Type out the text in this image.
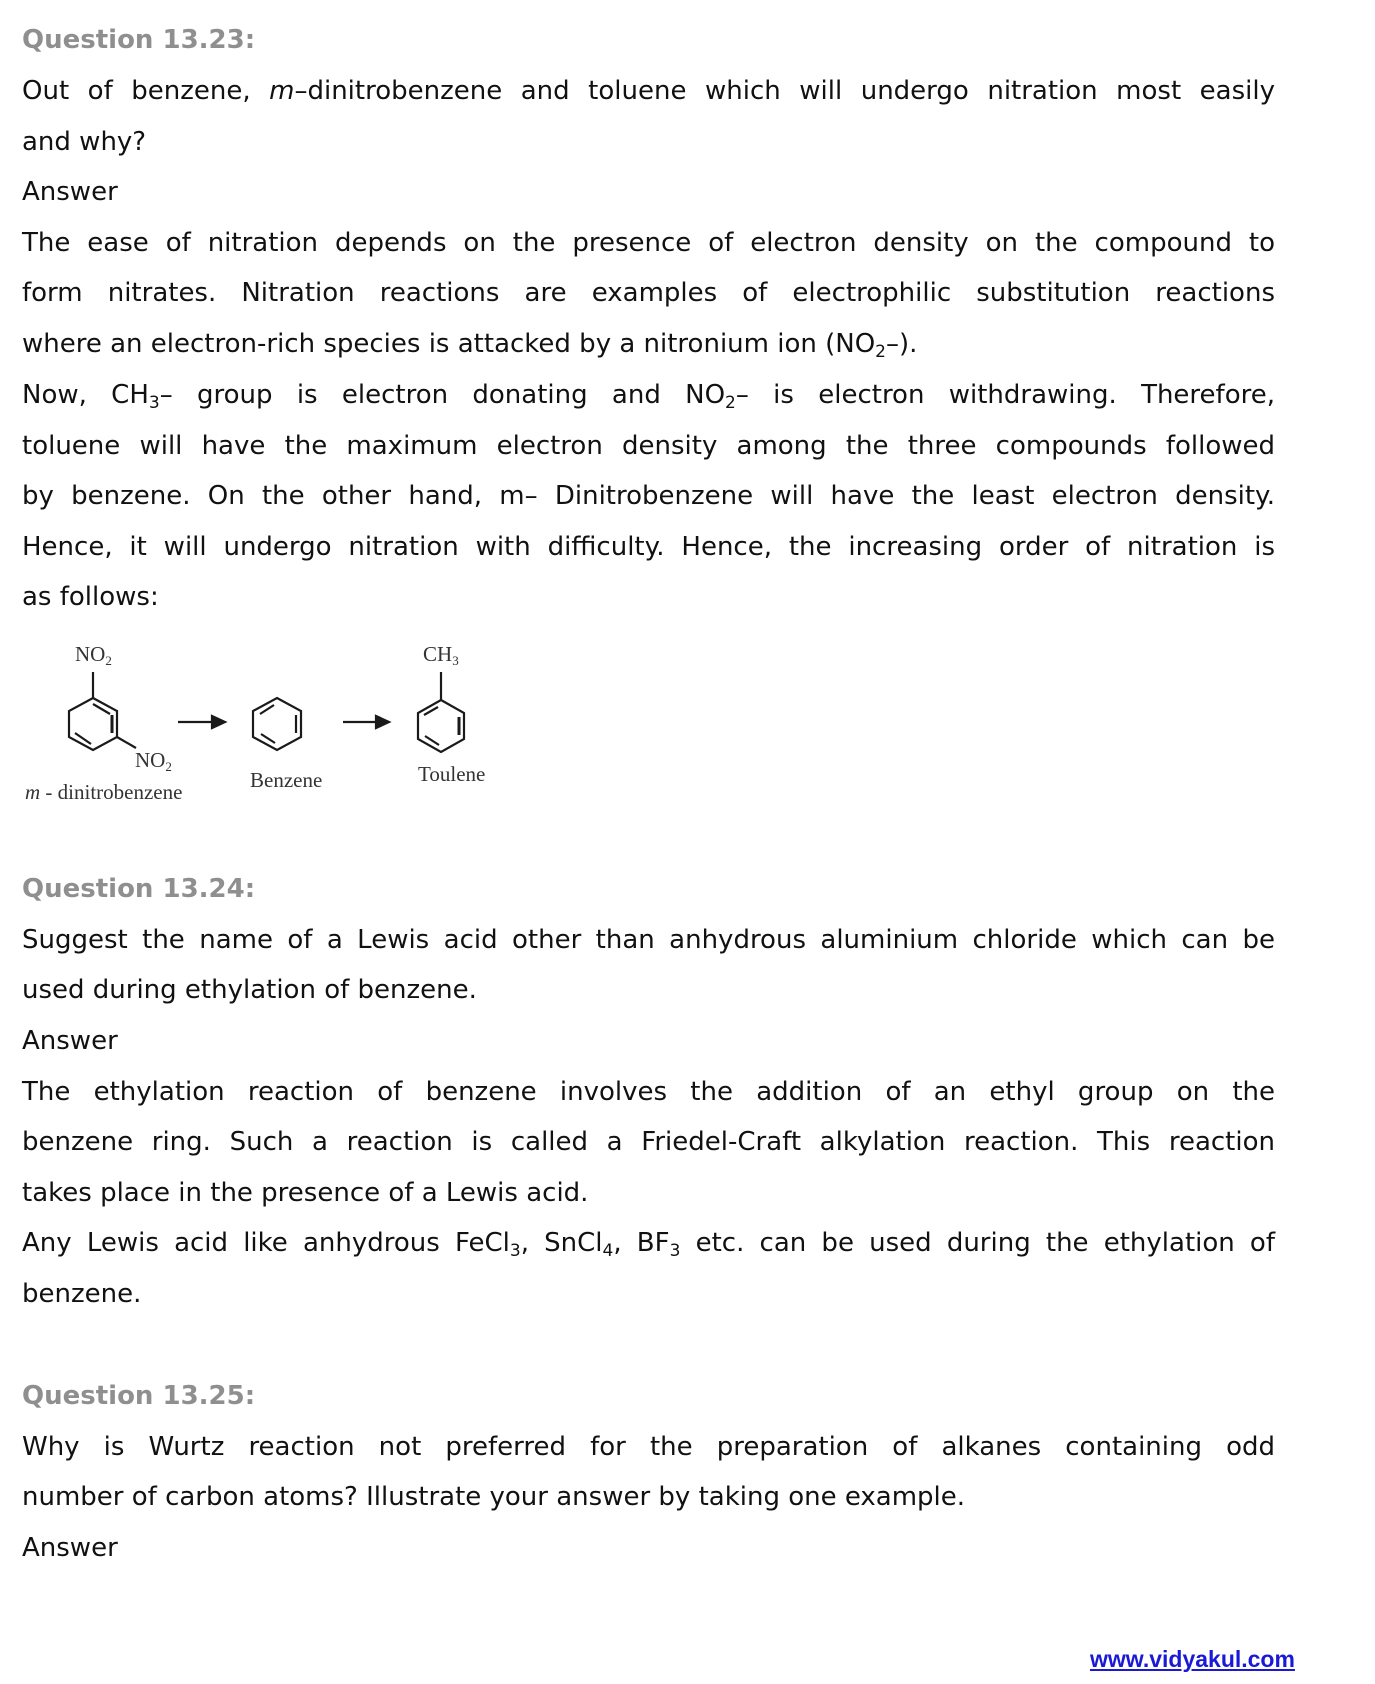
Question 13.23:
Out of benzene, m–dinitrobenzene and toluene which will undergo nitration most easily
and why?
Answer
The ease of nitration depends on the presence of electron density on the compound to
form nitrates. Nitration reactions are examples of electrophilic substitution reactions
where an electron-rich species is attacked by a nitronium ion $(NO_2-)$.
Now, $CH_3-$ group is electron donating and $NO_2-$ is electron withdrawing. Therefore,
toluene will have the maximum electron density among the three compounds followed
by benzene. On the other hand, m– Dinitrobenzene will have the least electron density.
Hence, it will undergo nitration with difficulty. Hence, the increasing order of nitration is
as follows:
$NO_2$
$NO_2$
m - dinitrobenzene	Benzene
$CH_3$
Toulene
Question 13.24:
Suggest the name of a Lewis acid other than anhydrous aluminium chloride which can be
used during ethylation of benzene.
Answer
The ethylation reaction of benzene involves the addition of an ethyl group on the
benzene ring. Such a reaction is called a Friedel-Craft alkylation reaction. This reaction
takes place in the presence of a Lewis acid.
Any Lewis acid like anhydrous FeCl$_3$, SnCl$_4$, $BF_3$ etc. can be used during the ethylation of
benzene.
Question 13.25:
Why is Wurtz reaction not preferred for the preparation of alkanes containing odd
number of carbon atoms? Illustrate your answer by taking one example.
Answer
www.vidyakul.com
